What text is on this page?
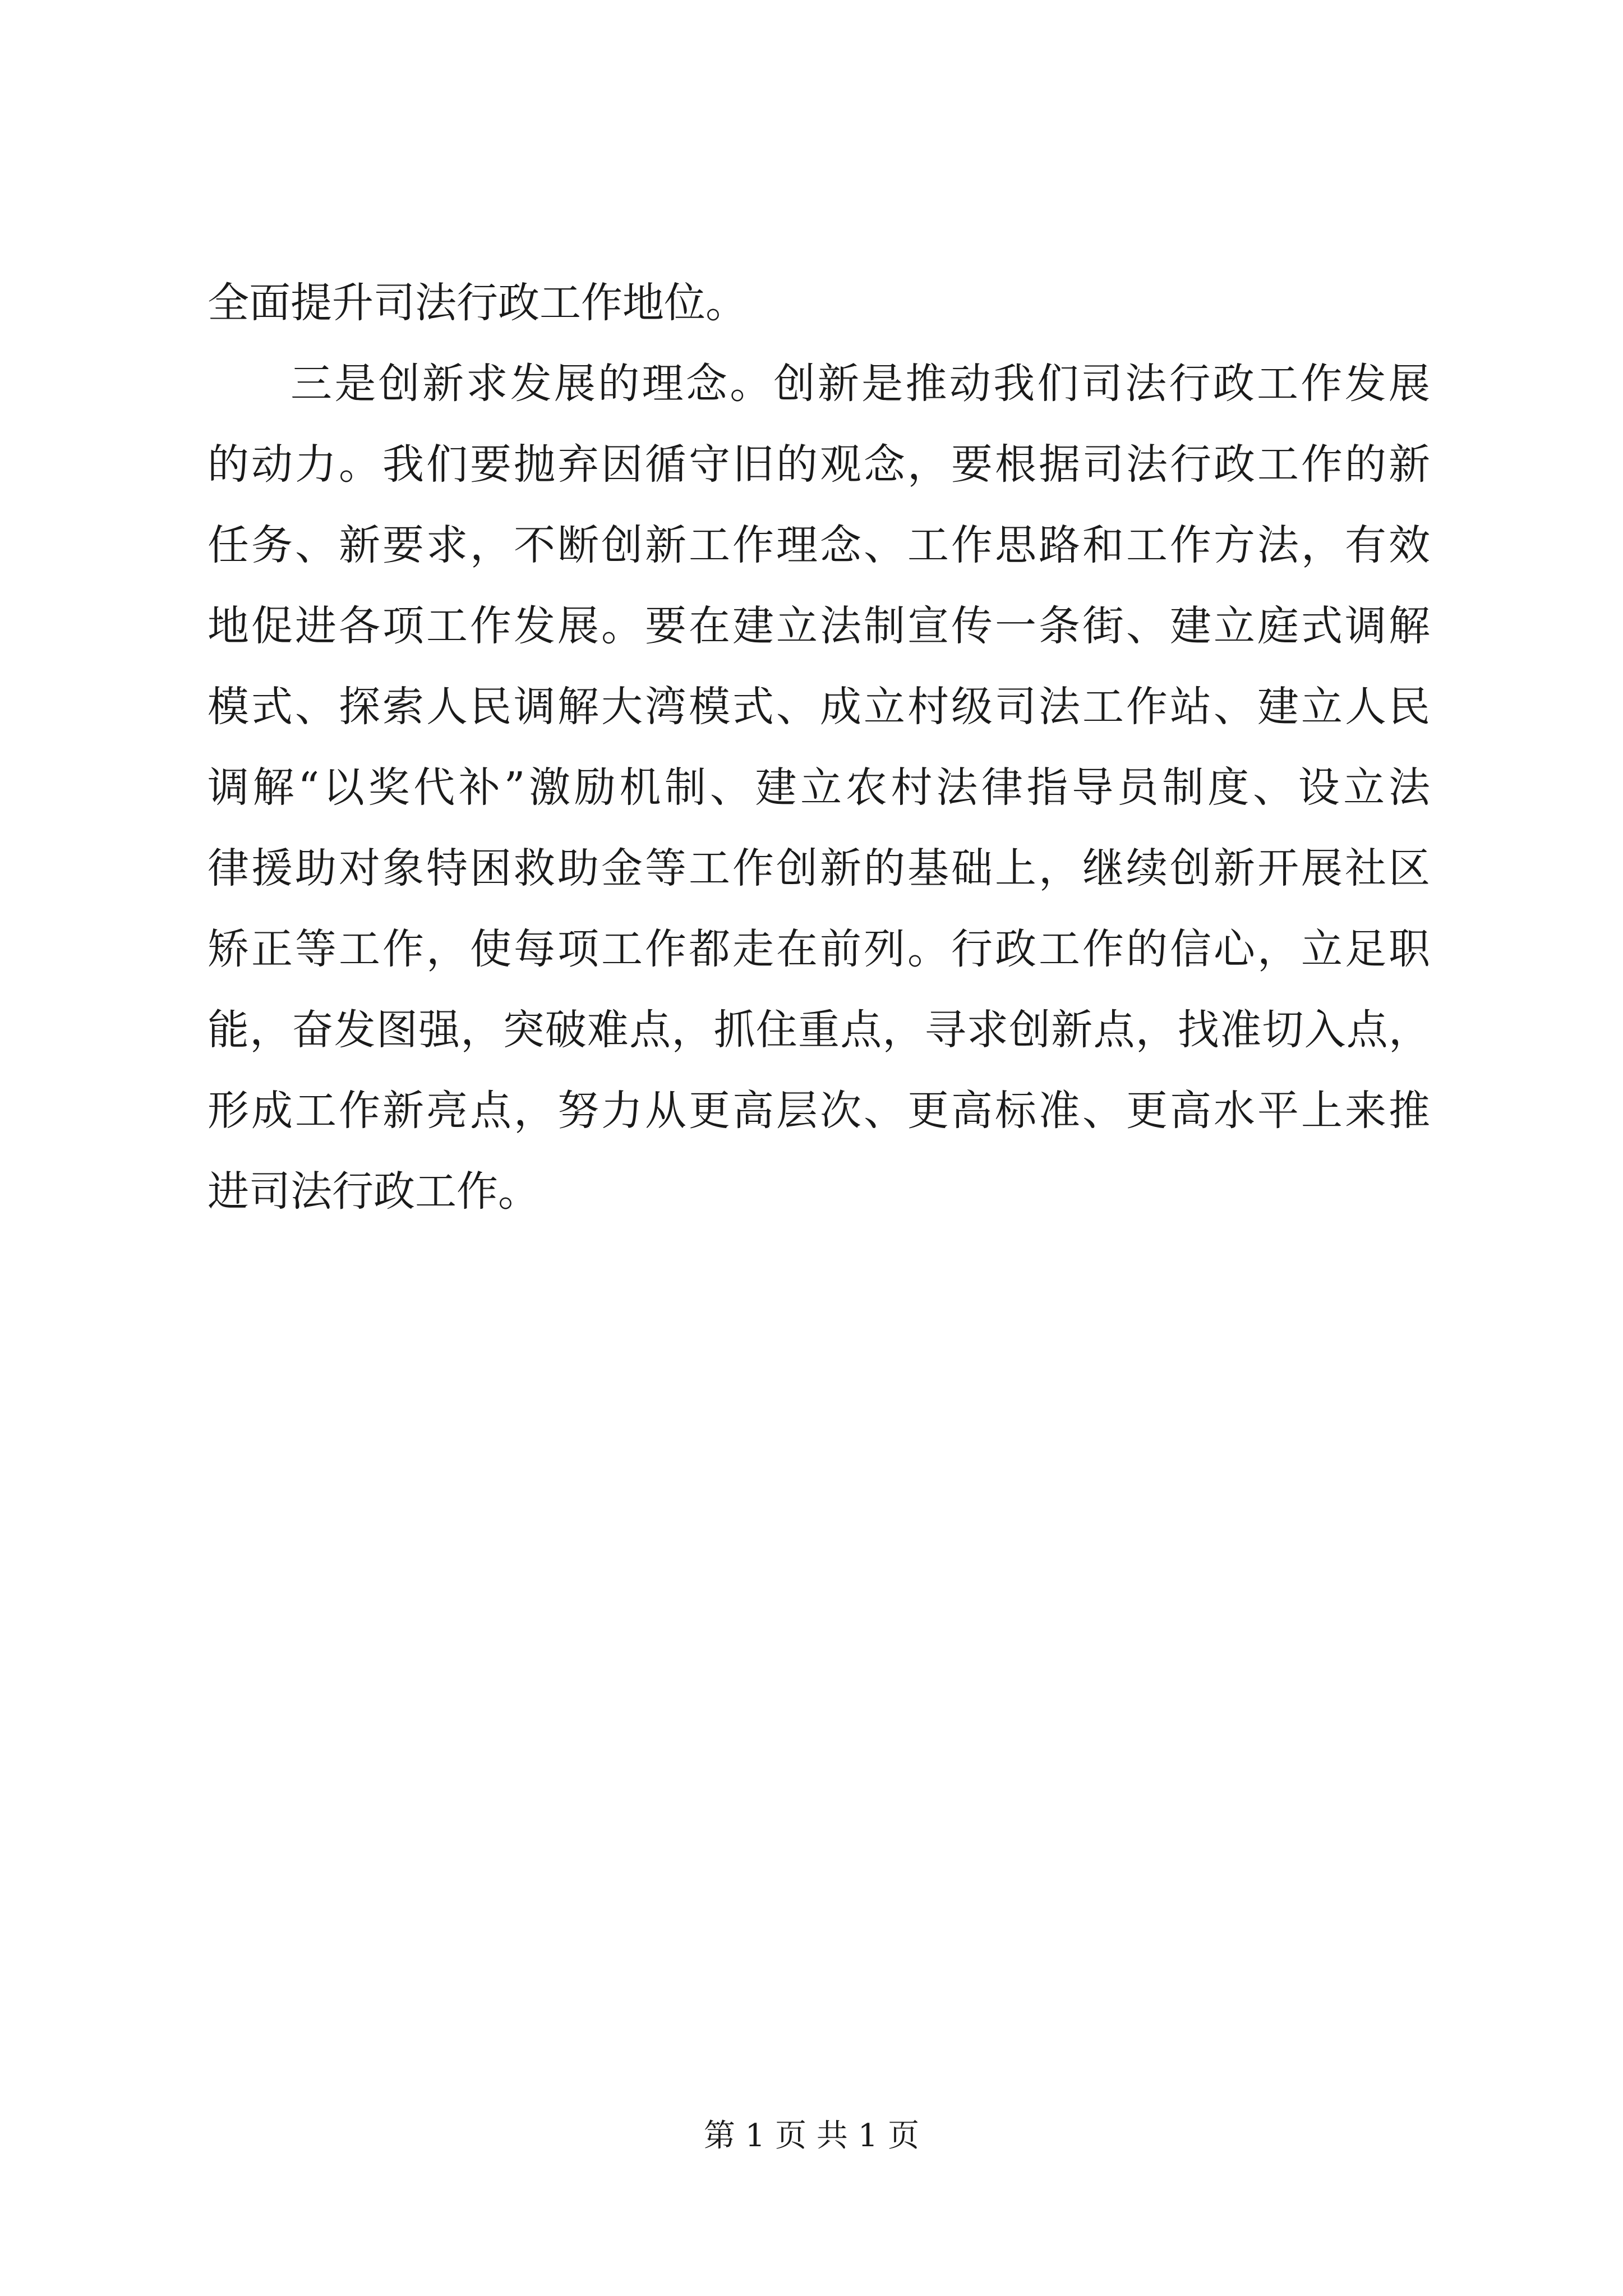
全面提升司法行政工作地位。
三是创新求发展的理念。创新是推动我们司法行政工作发展
的动力。我们要抛弃因循守旧的观念，要根据司法行政工作的新
任务、新要求，不断创新工作理念、工作思路和工作方法，有效
地促进各项工作发展。要在建立法制宣传一条街、建立庭式调解
模式、探索人民调解大湾模式、成立村级司法工作站、建立人民
调解“以奖代补”激励机制、建立农村法律指导员制度、设立法
律援助对象特困救助金等工作创新的基础上，继续创新开展社区
矫正等工作，使每项工作都走在前列。行政工作的信心，立足职
能，奋发图强，突破难点，抓住重点，寻求创新点，找准切入点，
形成工作新亮点，努力从更高层次、更高标准、更高水平上来推
进司法行政工作。
第 1 页 共 1 页
